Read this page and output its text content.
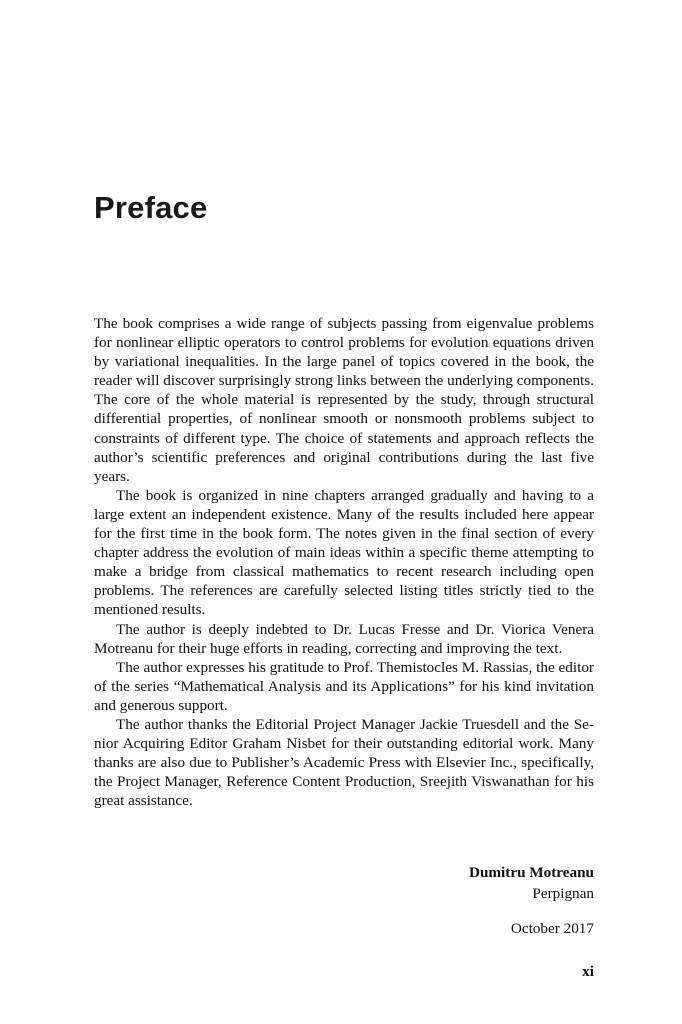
Preface

The book comprises a wide range of subjects passing from eigenvalue problems for nonlinear elliptic operators to control problems for evolution equations driven by variational inequalities. In the large panel of topics covered in the book, the reader will discover surprisingly strong links between the underlying components. The core of the whole material is represented by the study, through structural differential properties, of nonlinear smooth or nonsmooth problems subject to constraints of different type. The choice of statements and approach reflects the author’s scientific preferences and original contributions during the last five years.

The book is organized in nine chapters arranged gradually and having to a large extent an independent existence. Many of the results included here appear for the first time in the book form. The notes given in the final section of every chapter address the evolution of main ideas within a specific theme attempting to make a bridge from classical mathematics to recent research including open problems. The references are carefully selected listing titles strictly tied to the mentioned results.

The author is deeply indebted to Dr. Lucas Fresse and Dr. Viorica Venera Motreanu for their huge efforts in reading, correcting and improving the text.

The author expresses his gratitude to Prof. Themistocles M. Rassias, the editor of the series “Mathematical Analysis and its Applications” for his kind invitation and generous support.

The author thanks the Editorial Project Manager Jackie Truesdell and the Senior Acquiring Editor Graham Nisbet for their outstanding editorial work. Many thanks are also due to Publisher’s Academic Press with Elsevier Inc., specifically, the Project Manager, Reference Content Production, Sreejith Viswanathan for his great assistance.

Dumitru Motreanu
Perpignan
October 2017
xi
